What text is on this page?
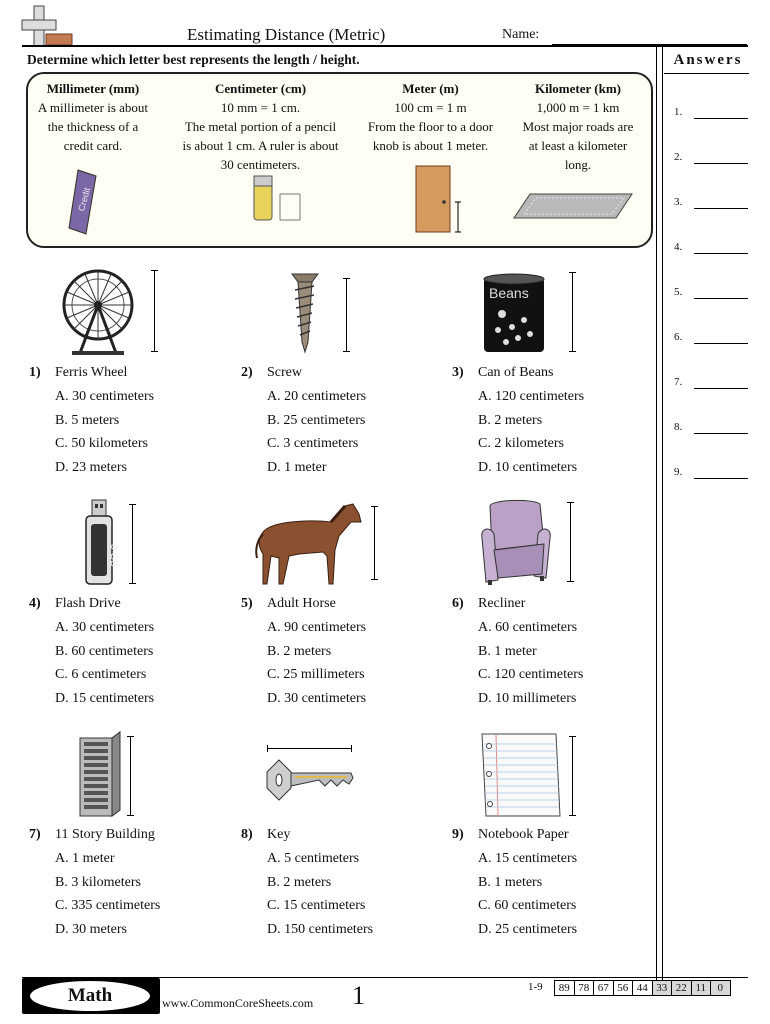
Estimating Distance (Metric)	Name:
Determine which letter best represents the length / height.	Answers
1.
2.
3.
4.
5.
6.
7.
8.
9.
Millimeter (mm)
A millimeter is about
the thickness of a
credit card.
Centimeter (cm)
10 mm = 1 cm.
The metal portion of a pencil
is about 1 cm. A ruler is about
30 centimeters.
Meter (m)
100 cm = 1 m
From the floor to a door
knob is about 1 meter.
Kilometer (km)
1,000 m = 1 km
Most major roads are
at least a kilometer
long.
Credit
Beans
1) Ferris Wheel
A. 30 centimeters
B. 5 meters
C. 50 kilometers
D. 23 meters
2) Screw
A. 20 centimeters
B. 25 centimeters
C. 3 centimeters
D. 1 meter
3) Can of Beans
A. 120 centimeters
B. 2 meters
C. 2 kilometers
D. 10 centimeters
8 GB
4) Flash Drive
A. 30 centimeters
B. 60 centimeters
C. 6 centimeters
D. 15 centimeters
5) Adult Horse
A. 90 centimeters
B. 2 meters
C. 25 millimeters
D. 30 centimeters
6) Recliner
A. 60 centimeters
B. 1 meter
C. 120 centimeters
D. 10 millimeters
7) 11 Story Building
A. 1 meter
B. 3 kilometers
C. 335 centimeters
D. 30 meters
8) Key
A. 5 centimeters
B. 2 meters
C. 15 centimeters
D. 150 centimeters
9) Notebook Paper
A. 15 centimeters
B. 1 meters
C. 60 centimeters
D. 25 centimeters
Math	www.CommonCoreSheets.com 1	1-9 89	78	67	56	44	33	22	11	0
